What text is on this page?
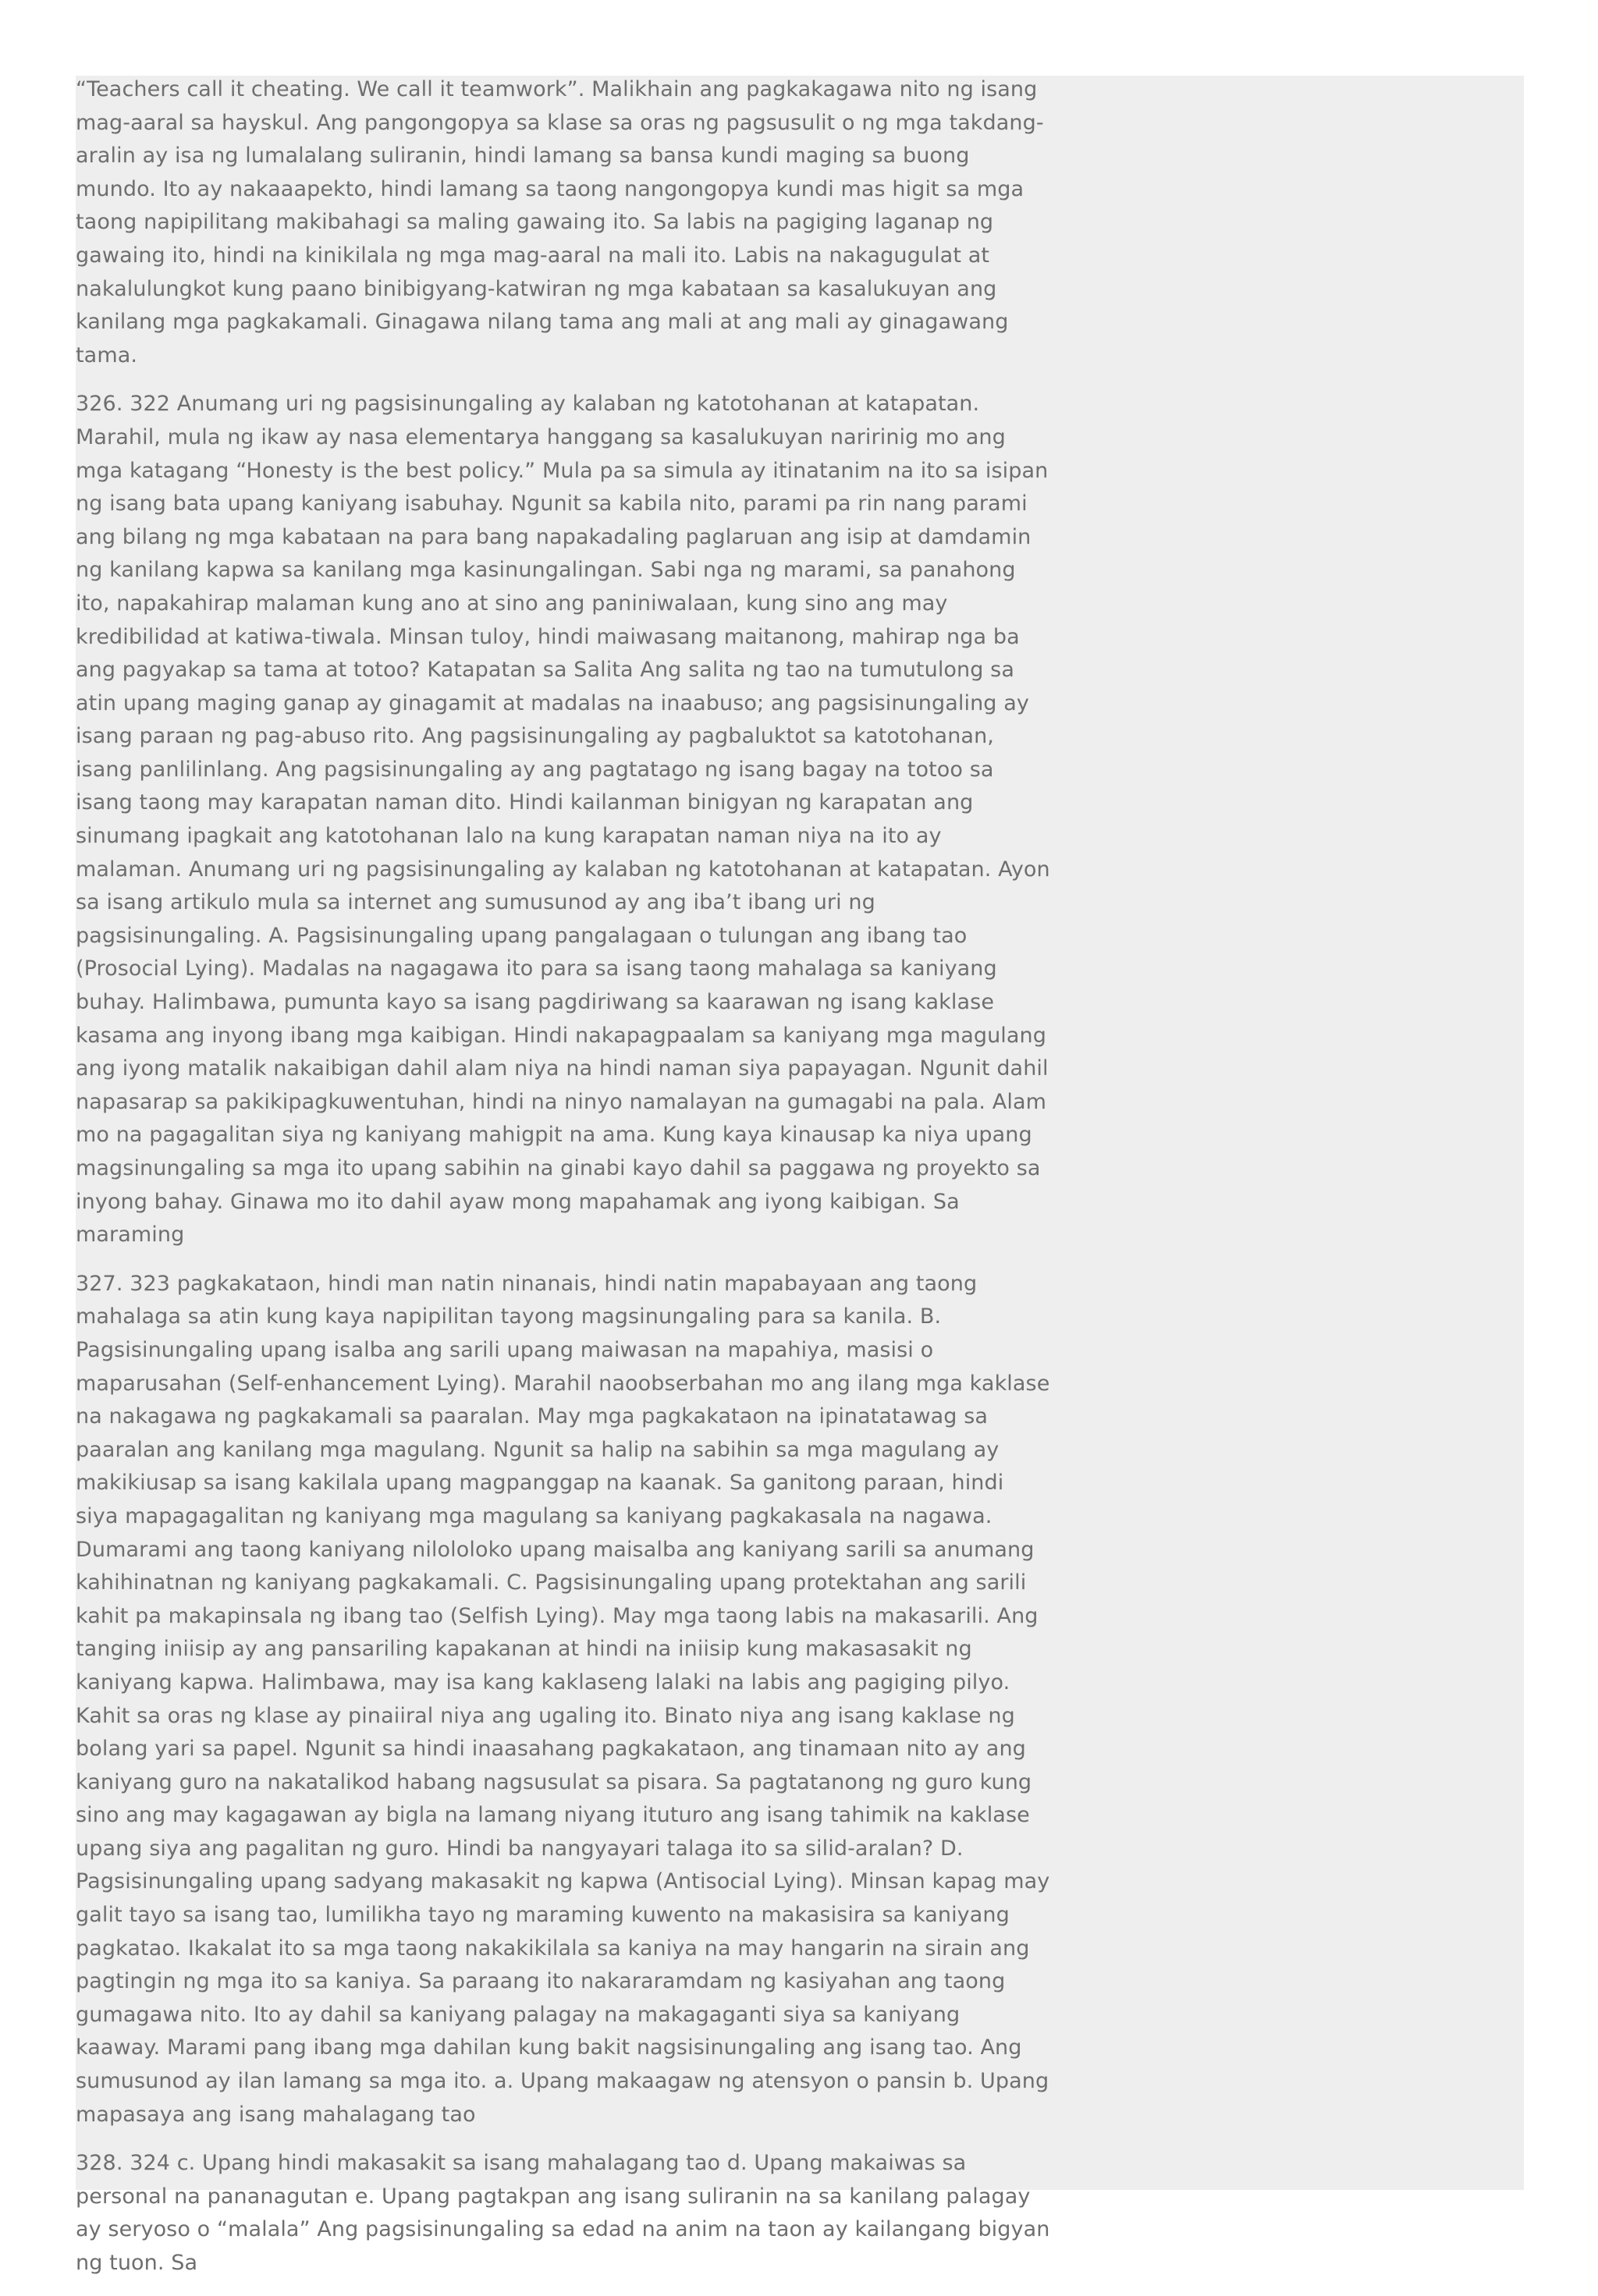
“Teachers call it cheating. We call it teamwork”. Malikhain ang pagkakagawa nito ng isang mag-aaral sa hayskul. Ang pangongopya sa klase sa oras ng pagsusulit o ng mga takdang-aralin ay isa ng lumalalang suliranin, hindi lamang sa bansa kundi maging sa buong mundo. Ito ay nakaaapekto, hindi lamang sa taong nangongopya kundi mas higit sa mga taong napipilitang makibahagi sa maling gawaing ito. Sa labis na pagiging laganap ng gawaing ito, hindi na kinikilala ng mga mag-aaral na mali ito. Labis na nakagugulat at nakalulungkot kung paano binibigyang-katwiran ng mga kabataan sa kasalukuyan ang kanilang mga pagkakamali. Ginagawa nilang tama ang mali at ang mali ay ginagawang tama.

326. 322 Anumang uri ng pagsisinungaling ay kalaban ng katotohanan at katapatan. Marahil, mula ng ikaw ay nasa elementarya hanggang sa kasalukuyan naririnig mo ang mga katagang “Honesty is the best policy.” Mula pa sa simula ay itinatanim na ito sa isipan ng isang bata upang kaniyang isabuhay. Ngunit sa kabila nito, parami pa rin nang parami ang bilang ng mga kabataan na para bang napakadaling paglaruan ang isip at damdamin ng kanilang kapwa sa kanilang mga kasinungalingan. Sabi nga ng marami, sa panahong ito, napakahirap malaman kung ano at sino ang paniniwalaan, kung sino ang may kredibilidad at katiwa-tiwala. Minsan tuloy, hindi maiwasang maitanong, mahirap nga ba ang pagyakap sa tama at totoo? Katapatan sa Salita Ang salita ng tao na tumutulong sa atin upang maging ganap ay ginagamit at madalas na inaabuso; ang pagsisinungaling ay isang paraan ng pag-abuso rito. Ang pagsisinungaling ay pagbaluktot sa katotohanan, isang panlilinlang. Ang pagsisinungaling ay ang pagtatago ng isang bagay na totoo sa isang taong may karapatan naman dito. Hindi kailanman binigyan ng karapatan ang sinumang ipagkait ang katotohanan lalo na kung karapatan naman niya na ito ay malaman. Anumang uri ng pagsisinungaling ay kalaban ng katotohanan at katapatan. Ayon sa isang artikulo mula sa internet ang sumusunod ay ang iba’t ibang uri ng pagsisinungaling. A. Pagsisinungaling upang pangalagaan o tulungan ang ibang tao (Prosocial Lying). Madalas na nagagawa ito para sa isang taong mahalaga sa kaniyang buhay. Halimbawa, pumunta kayo sa isang pagdiriwang sa kaarawan ng isang kaklase kasama ang inyong ibang mga kaibigan. Hindi nakapagpaalam sa kaniyang mga magulang ang iyong matalik nakaibigan dahil alam niya na hindi naman siya papayagan. Ngunit dahil napasarap sa pakikipagkuwentuhan, hindi na ninyo namalayan na gumagabi na pala. Alam mo na pagagalitan siya ng kaniyang mahigpit na ama. Kung kaya kinausap ka niya upang magsinungaling sa mga ito upang sabihin na ginabi kayo dahil sa paggawa ng proyekto sa inyong bahay. Ginawa mo ito dahil ayaw mong mapahamak ang iyong kaibigan. Sa maraming

327. 323 pagkakataon, hindi man natin ninanais, hindi natin mapabayaan ang taong mahalaga sa atin kung kaya napipilitan tayong magsinungaling para sa kanila. B. Pagsisinungaling upang isalba ang sarili upang maiwasan na mapahiya, masisi o maparusahan (Self-enhancement Lying). Marahil naoobserbahan mo ang ilang mga kaklase na nakagawa ng pagkakamali sa paaralan. May mga pagkakataon na ipinatatawag sa paaralan ang kanilang mga magulang. Ngunit sa halip na sabihin sa mga magulang ay makikiusap sa isang kakilala upang magpanggap na kaanak. Sa ganitong paraan, hindi siya mapagagalitan ng kaniyang mga magulang sa kaniyang pagkakasala na nagawa. Dumarami ang taong kaniyang nilololoko upang maisalba ang kaniyang sarili sa anumang kahihinatnan ng kaniyang pagkakamali. C. Pagsisinungaling upang protektahan ang sarili kahit pa makapinsala ng ibang tao (Selfish Lying). May mga taong labis na makasarili. Ang tanging iniisip ay ang pansariling kapakanan at hindi na iniisip kung makasasakit ng kaniyang kapwa. Halimbawa, may isa kang kaklaseng lalaki na labis ang pagiging pilyo. Kahit sa oras ng klase ay pinaiiral niya ang ugaling ito. Binato niya ang isang kaklase ng bolang yari sa papel. Ngunit sa hindi inaasahang pagkakataon, ang tinamaan nito ay ang kaniyang guro na nakatalikod habang nagsusulat sa pisara. Sa pagtatanong ng guro kung sino ang may kagagawan ay bigla na lamang niyang ituturo ang isang tahimik na kaklase upang siya ang pagalitan ng guro. Hindi ba nangyayari talaga ito sa silid-aralan? D. Pagsisinungaling upang sadyang makasakit ng kapwa (Antisocial Lying). Minsan kapag may galit tayo sa isang tao, lumilikha tayo ng maraming kuwento na makasisira sa kaniyang pagkatao. Ikakalat ito sa mga taong nakakikilala sa kaniya na may hangarin na sirain ang pagtingin ng mga ito sa kaniya. Sa paraang ito nakararamdam ng kasiyahan ang taong gumagawa nito. Ito ay dahil sa kaniyang palagay na makagaganti siya sa kaniyang kaaway. Marami pang ibang mga dahilan kung bakit nagsisinungaling ang isang tao. Ang sumusunod ay ilan lamang sa mga ito. a. Upang makaagaw ng atensyon o pansin b. Upang mapasaya ang isang mahalagang tao

328. 324 c. Upang hindi makasakit sa isang mahalagang tao d. Upang makaiwas sa personal na pananagutan e. Upang pagtakpan ang isang suliranin na sa kanilang palagay ay seryoso o “malala” Ang pagsisinungaling sa edad na anim na taon ay kailangang bigyan ng tuon. Sa
